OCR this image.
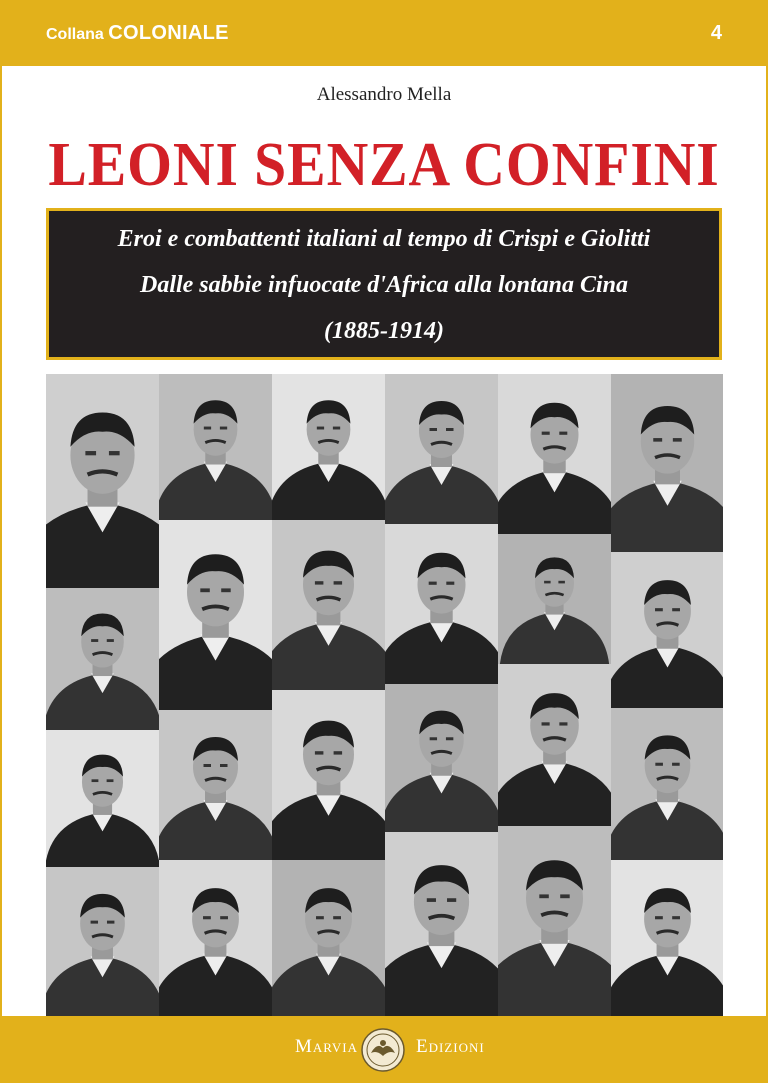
Collana COLONIALE	4
Alessandro Mella
LEONI SENZA CONFINI
Eroi e combattenti italiani al tempo di Crispi e Giolitti
Dalle sabbie infuocate d'Africa alla lontana Cina
(1885-1914)
Marvia	Edizioni
